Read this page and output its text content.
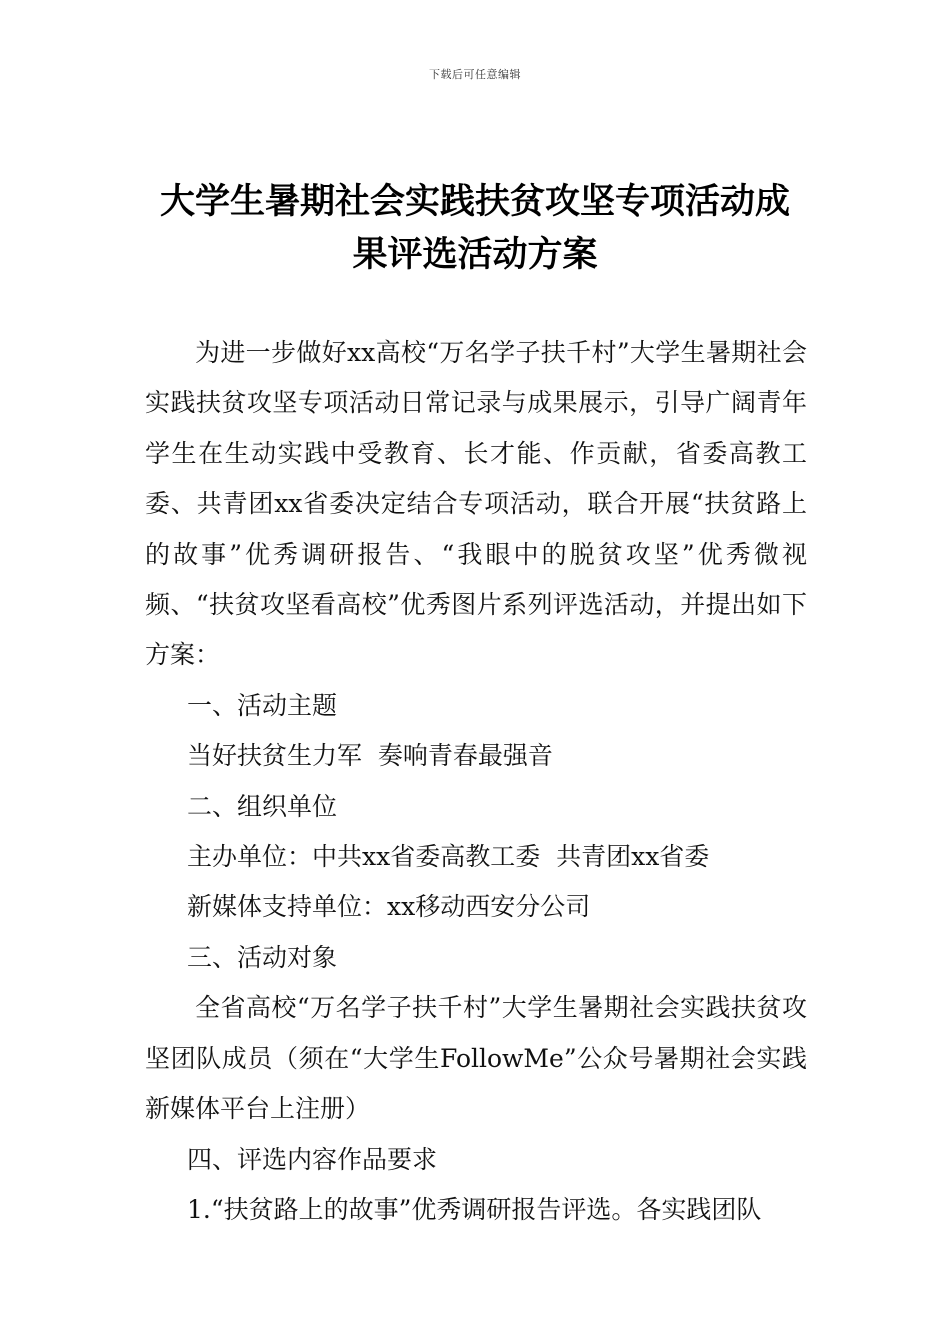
下载后可任意编辑
大学生暑期社会实践扶贫攻坚专项活动成
果评选活动方案

为进一步做好xx高校“万名学子扶千村”大学生暑期社会实践扶贫攻坚专项活动日常记录与成果展示，引导广阔青年学生在生动实践中受教育、长才能、作贡献，省委高教工委、共青团xx省委决定结合专项活动，联合开展“扶贫路上的故事”优秀调研报告、“我眼中的脱贫攻坚”优秀微视频、“扶贫攻坚看高校”优秀图片系列评选活动，并提出如下方案：

一、活动主题

当好扶贫生力军  奏响青春最强音

二、组织单位

主办单位：中共xx省委高教工委  共青团xx省委

新媒体支持单位：xx移动西安分公司

三、活动对象

全省高校“万名学子扶千村”大学生暑期社会实践扶贫攻坚团队成员（须在“大学生FollowMe”公众号暑期社会实践新媒体平台上注册）

四、评选内容作品要求

1.“扶贫路上的故事”优秀调研报告评选。各实践团队
